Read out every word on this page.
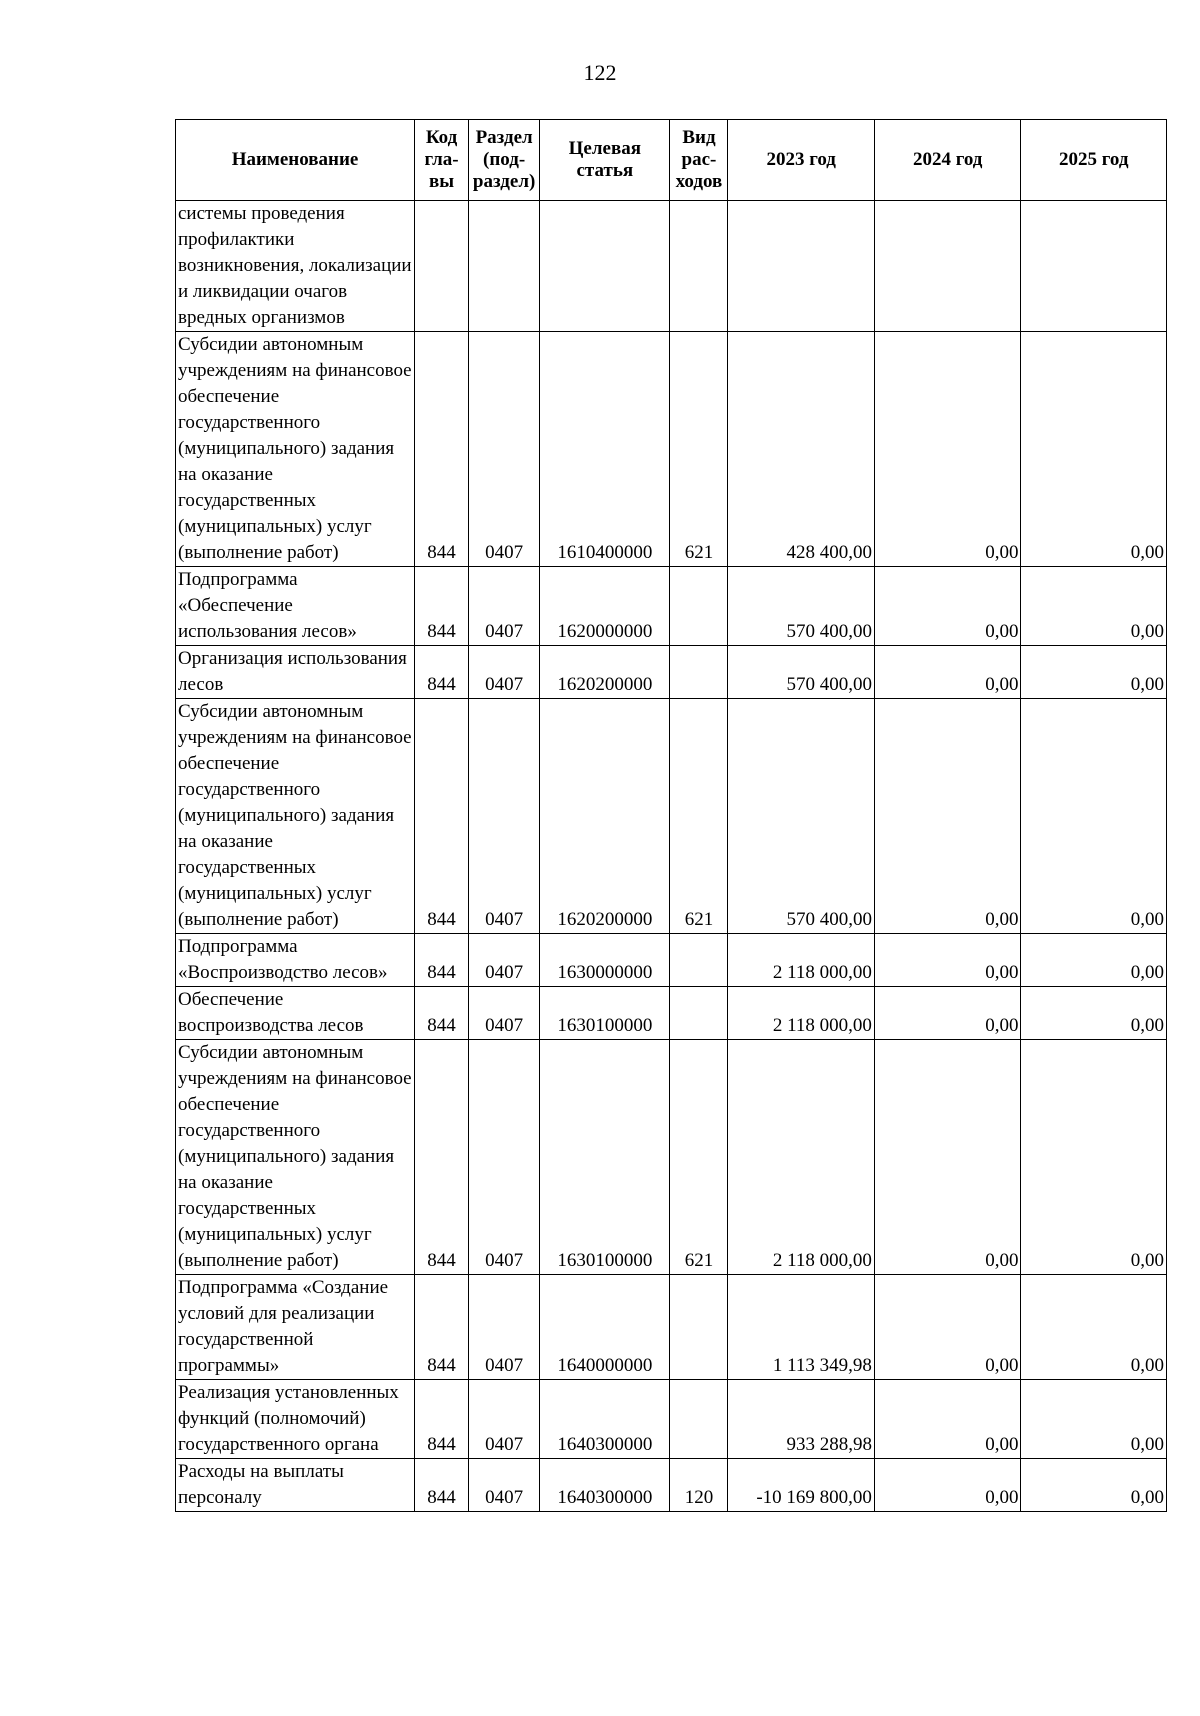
122
Наименование	Код гла- вы	Раздел (под- раздел)	Целевая статья	Вид рас- ходов	2023 год	2024 год	2025 год
системы проведения профилактики возникновения, локализации и ликвидации очагов вредных организмов							
Субсидии автономным учреждениям на финансовое обеспечение государственного (муниципального) задания на оказание государственных (муниципальных) услуг (выполнение работ)	844	0407	1610400000	621	428 400,00	0,00	0,00
Подпрограмма «Обеспечение использования лесов»	844	0407	1620000000		570 400,00	0,00	0,00
Организация использования лесов	844	0407	1620200000		570 400,00	0,00	0,00
Субсидии автономным учреждениям на финансовое обеспечение государственного (муниципального) задания на оказание государственных (муниципальных) услуг (выполнение работ)	844	0407	1620200000	621	570 400,00	0,00	0,00
Подпрограмма «Воспроизводство лесов»	844	0407	1630000000		2 118 000,00	0,00	0,00
Обеспечение воспроизводства лесов	844	0407	1630100000		2 118 000,00	0,00	0,00
Субсидии автономным учреждениям на финансовое обеспечение государственного (муниципального) задания на оказание государственных (муниципальных) услуг (выполнение работ)	844	0407	1630100000	621	2 118 000,00	0,00	0,00
Подпрограмма «Создание условий для реализации государственной программы»	844	0407	1640000000		1 113 349,98	0,00	0,00
Реализация установленных функций (полномочий) государственного органа	844	0407	1640300000		933 288,98	0,00	0,00
Расходы на выплаты персоналу	844	0407	1640300000	120	-10 169 800,00	0,00	0,00
